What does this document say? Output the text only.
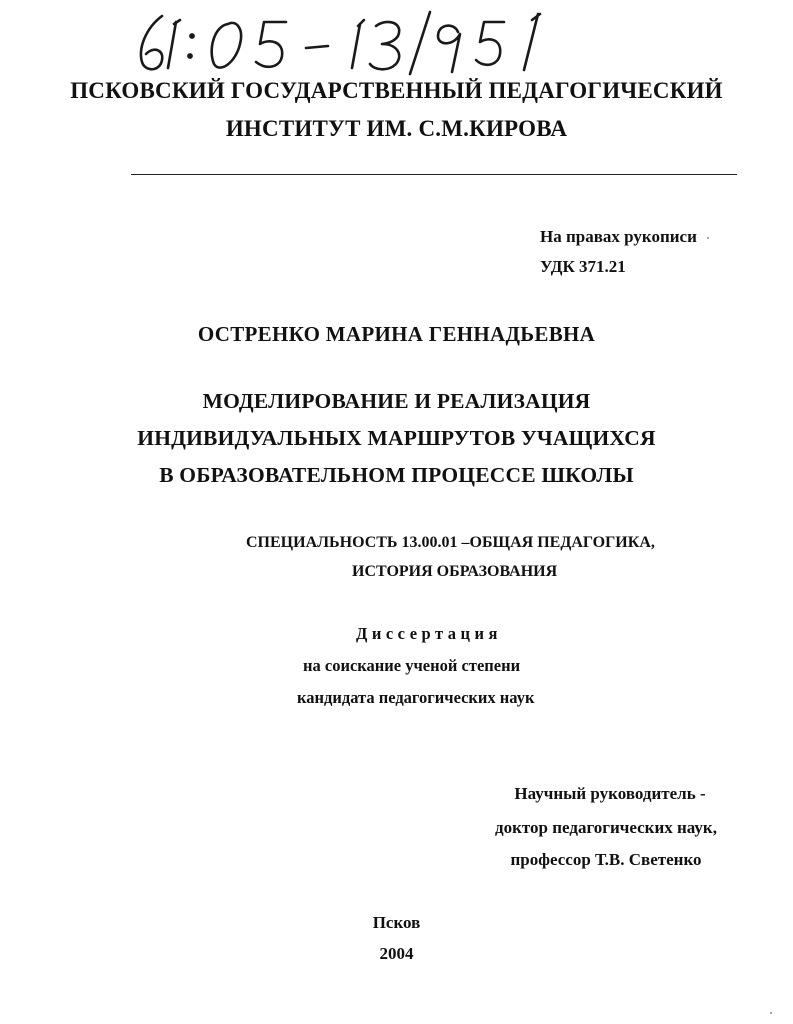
ПСКОВСКИЙ ГОСУДАРСТВЕННЫЙ ПЕДАГОГИЧЕСКИЙ
ИНСТИТУТ ИМ. С.М.КИРОВА
На правах рукописи
УДК 371.21
ОСТРЕНКО МАРИНА ГЕННАДЬЕВНА
МОДЕЛИРОВАНИЕ И РЕАЛИЗАЦИЯ
ИНДИВИДУАЛЬНЫХ МАРШРУТОВ УЧАЩИХСЯ
В ОБРАЗОВАТЕЛЬНОМ ПРОЦЕССЕ ШКОЛЫ
СПЕЦИАЛЬНОСТЬ 13.00.01 –ОБЩАЯ ПЕДАГОГИКА,
ИСТОРИЯ ОБРАЗОВАНИЯ
Диссертация
на соискание ученой степени
кандидата педагогических наук
Научный руководитель -
доктор педагогических наук,
профессор Т.В. Светенко
Псков
2004
